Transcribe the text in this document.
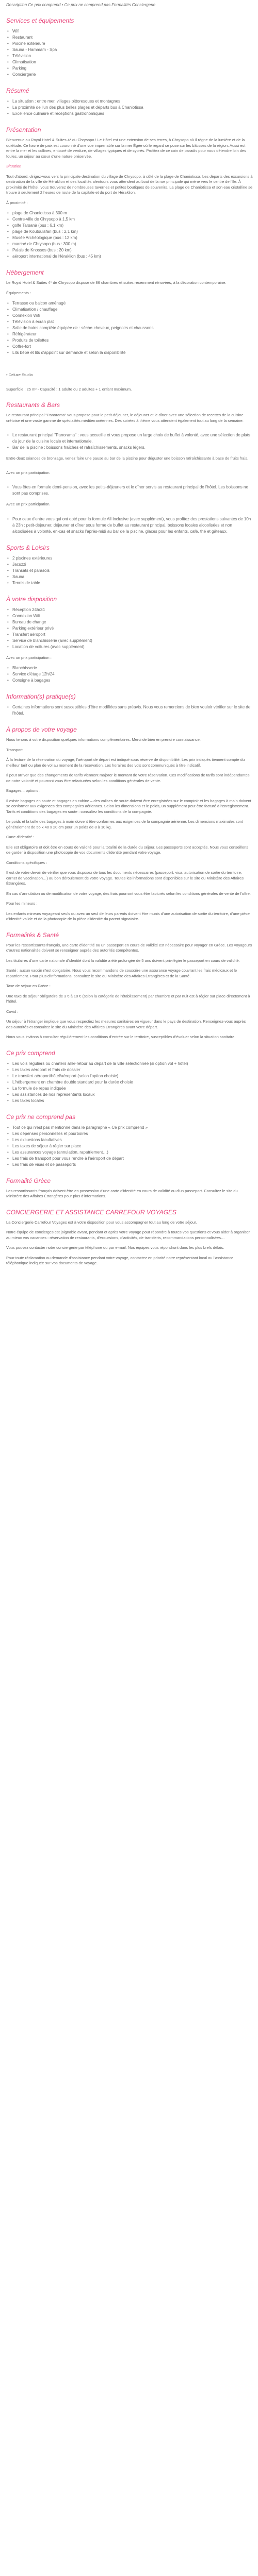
Description Ce prix comprend • Ce prix ne comprend pas Formalités Conciergerie

Services et équipements
• Wifi
• Restaurant
• Piscine extérieure
• Sauna - Hammam - Spa
• Télévision
• Climatisation
• Parking
• Conciergerie
Résumé
• La situation : entre mer, villages pittoresques et montagnes
• La proximité de l'un des plus belles plages et départs bus à Chaniotissa
• Excellence culinaire et réceptions gastronomiques
Présentation

Bienvenue au Royal Hotel & Suites 4* du Chrysopo ! Le Hôtel est une extension de ses terres, à Chrysopo où il règne de la lumière et de la quiétude. Ce havre de paix est couronné d'une vue imprenable sur la mer Égée où le regard se pose sur les bâtisses de la région. Aussi est entre la mer et les collines, entouré de verdure, de villages typiques et de cyprès. Profitez de ce coin de paradis pour vous détendre loin des foules, un séjour au cœur d'une nature préservée.

Situation

Tout d'abord, dirigez-vous vers la principale destination du village de Chrysopo, à côté de la plage de Chaniotissa. Les départs des excursions à destination de la ville de Héraklion et des localités alentours vous attendent au bout de la rue principale qui mène vers le centre de l'île. À proximité de l'hôtel, vous trouverez de nombreuses tavernes et petites boutiques de souvenirs. La plage de Chaniotissa et son eau cristalline se trouve à seulement 2 heures de route de la capitale et du port de Héraklion.

À proximité :

• plage de Chaniotissa à 300 m
• Centre-ville de Chrysopo à 1,5 km
• golfe Tarsanà (bus : 6,1 km)
• plage de Koutoulafari (bus : 2,1 km)
• Musée Archéologique (bus : 12 km)
• marché de Chrysopo (bus : 300 m)
• Palais de Knossos (bus : 20 km)
• aéroport international de Héraklion (bus : 45 km)
Hébergement

Le Royal Hotel & Suites 4* de Chrysopo dispose de 86 chambres et suites récemment rénovées, à la décoration contemporaine.

Équipements :

• Terrasse ou balcon aménagé
• Climatisation / chauffage
• Connexion Wifi
• Télévision à écran plat
• Salle de bains complète équipée de : sèche-cheveux, peignoirs et chaussons
• Réfrigérateur
• Produits de toilettes
• Coffre-fort
• Lits bébé et lits d'appoint sur demande et selon la disponibilité

• Deluxe Studio

Superficie : 25 m² - Capacité : 1 adulte ou 2 adultes + 1 enfant maximum.

Restaurants & Bars

Le restaurant principal "Panorama" vous propose pour le petit-déjeuner, le déjeuner et le dîner avec une sélection de recettes de la cuisine crétoise et une vaste gamme de spécialités méditerranéennes. Des soirées à thème vous attendent également tout au long de la semaine.

• Le restaurant principal "Panorama" : vous accueille et vous propose un large choix de buffet à volonté, avec une sélection de plats du jour de la cuisine locale et internationale.
• Bar de la piscine : boissons fraîches et rafraîchissements, snacks légers.

Entre deux séances de bronzage, venez faire une pause au bar de la piscine pour déguster une boisson rafraîchissante à base de fruits frais.

Avec un prix participation.

• Vous êtes en formule demi-pension, avec les petits-déjeuners et le dîner servis au restaurant principal de l'hôtel. Les boissons ne sont pas comprises.

Avec un prix participation.

• Pour ceux d'entre vous qui ont opté pour la formule All Inclusive (avec supplément), vous profitez des prestations suivantes de 10h à 23h : petit-déjeuner, déjeuner et dîner sous forme de buffet au restaurant principal, boissons locales alcoolisées et non alcoolisées à volonté, en-cas et snacks l'après-midi au bar de la piscine, glaces pour les enfants, café, thé et gâteaux.
Sports & Loisirs
• 2 piscines extérieures
• Jacuzzi
• Transats et parasols
• Sauna
• Tennis de table
À votre disposition
• Réception 24h/24
• Connexion Wifi
• Bureau de change
• Parking extérieur privé
• Transfert aéroport
• Service de blanchisserie (avec supplément)
• Location de voitures (avec supplément)

Avec un prix participation :

• Blanchisserie
• Service d'étage 12h/24
• Consigne à bagages
Information(s) pratique(s)
• Certaines informations sont susceptibles d'être modifiées sans préavis. Nous vous remercions de bien vouloir vérifier sur le site de l'hôtel.
À propos de votre voyage

Nous tenons à votre disposition quelques informations complémentaires. Merci de bien en prendre connaissance.

Transport

À la lecture de la réservation du voyage, l'aéroport de départ est indiqué sous réserve de disponibilité. Les prix indiqués tiennent compte du meilleur tarif ou plan de vol au moment de la réservation. Les horaires des vols sont communiqués à titre indicatif.

Il peut arriver que des changements de tarifs viennent majorer le montant de votre réservation. Ces modifications de tarifs sont indépendantes de notre volonté et pourront vous être refacturées selon les conditions générales de vente.

Bagages – options :

Il existe bagages en soute et bagages en cabine – des valises de soute doivent être enregistrées sur le comptoir et les bagages à main doivent se conformer aux exigences des compagnies aériennes. Selon les dimensions et le poids, un supplément peut être facturé à l'enregistrement. Tarifs et conditions des bagages en soute : consultez les conditions de la compagnie.

Le poids et la taille des bagages à main doivent être conformes aux exigences de la compagnie aérienne. Les dimensions maximales sont généralement de 55 x 40 x 20 cm pour un poids de 8 à 10 kg.

Carte d'identité :

Elle est obligatoire et doit être en cours de validité pour la totalité de la durée du séjour. Les passeports sont acceptés. Nous vous conseillons de garder à disposition une photocopie de vos documents d'identité pendant votre voyage.

Conditions spécifiques :

Il est de votre devoir de vérifier que vous disposez de tous les documents nécessaires (passeport, visa, autorisation de sortie du territoire, carnet de vaccination…) au bon déroulement de votre voyage. Toutes les informations sont disponibles sur le site du Ministère des Affaires Étrangères.

En cas d'annulation ou de modification de votre voyage, des frais pourront vous être facturés selon les conditions générales de vente de l'offre.

Pour les mineurs :

Les enfants mineurs voyageant seuls ou avec un seul de leurs parents doivent être munis d'une autorisation de sortie du territoire, d'une pièce d'identité valide et de la photocopie de la pièce d'identité du parent signataire.

Formalités & Santé

Pour les ressortissants français, une carte d'identité ou un passeport en cours de validité est nécessaire pour voyager en Grèce. Les voyageurs d'autres nationalités doivent se renseigner auprès des autorités compétentes.

Les titulaires d'une carte nationale d'identité dont la validité a été prolongée de 5 ans doivent privilégier le passeport en cours de validité.

Santé : aucun vaccin n'est obligatoire. Nous vous recommandons de souscrire une assurance voyage couvrant les frais médicaux et le rapatriement. Pour plus d'informations, consultez le site du Ministère des Affaires Étrangères et de la Santé.

Taxe de séjour en Grèce :

Une taxe de séjour obligatoire de 3 € à 10 € (selon la catégorie de l'établissement) par chambre et par nuit est à régler sur place directement à l'hôtel.

Covid :

Un séjour à l'étranger implique que vous respectiez les mesures sanitaires en vigueur dans le pays de destination. Renseignez-vous auprès des autorités et consultez le site du Ministère des Affaires Étrangères avant votre départ.

Nous vous invitons à consulter régulièrement les conditions d'entrée sur le territoire, susceptibles d'évoluer selon la situation sanitaire.

Ce prix comprend
• Les vols réguliers ou charters aller-retour au départ de la ville sélectionnée (si option vol + hôtel)
• Les taxes aéroport et frais de dossier
• Le transfert aéroport/hôtel/aéroport (selon l'option choisie)
• L'hébergement en chambre double standard pour la durée choisie
• La formule de repas indiquée
• Les assistances de nos représentants locaux
• Les taxes locales
Ce prix ne comprend pas
• Tout ce qui n'est pas mentionné dans le paragraphe « Ce prix comprend »
• Les dépenses personnelles et pourboires
• Les excursions facultatives
• Les taxes de séjour à régler sur place
• Les assurances voyage (annulation, rapatriement…)
• Les frais de transport pour vous rendre à l'aéroport de départ
• Les frais de visas et de passeports
Formalité Grèce

Les ressortissants français doivent être en possession d'une carte d'identité en cours de validité ou d'un passeport. Consultez le site du Ministère des Affaires Étrangères pour plus d'informations.

CONCIERGERIE ET ASSISTANCE CARREFOUR VOYAGES

La Conciergerie Carrefour Voyages est à votre disposition pour vous accompagner tout au long de votre séjour.

Notre équipe de concierges est joignable avant, pendant et après votre voyage pour répondre à toutes vos questions et vous aider à organiser au mieux vos vacances : réservation de restaurants, d'excursions, d'activités, de transferts, recommandations personnalisées…

Vous pouvez contacter notre conciergerie par téléphone ou par e-mail. Nos équipes vous répondront dans les plus brefs délais.

Pour toute réclamation ou demande d'assistance pendant votre voyage, contactez en priorité notre représentant local ou l'assistance téléphonique indiquée sur vos documents de voyage.
